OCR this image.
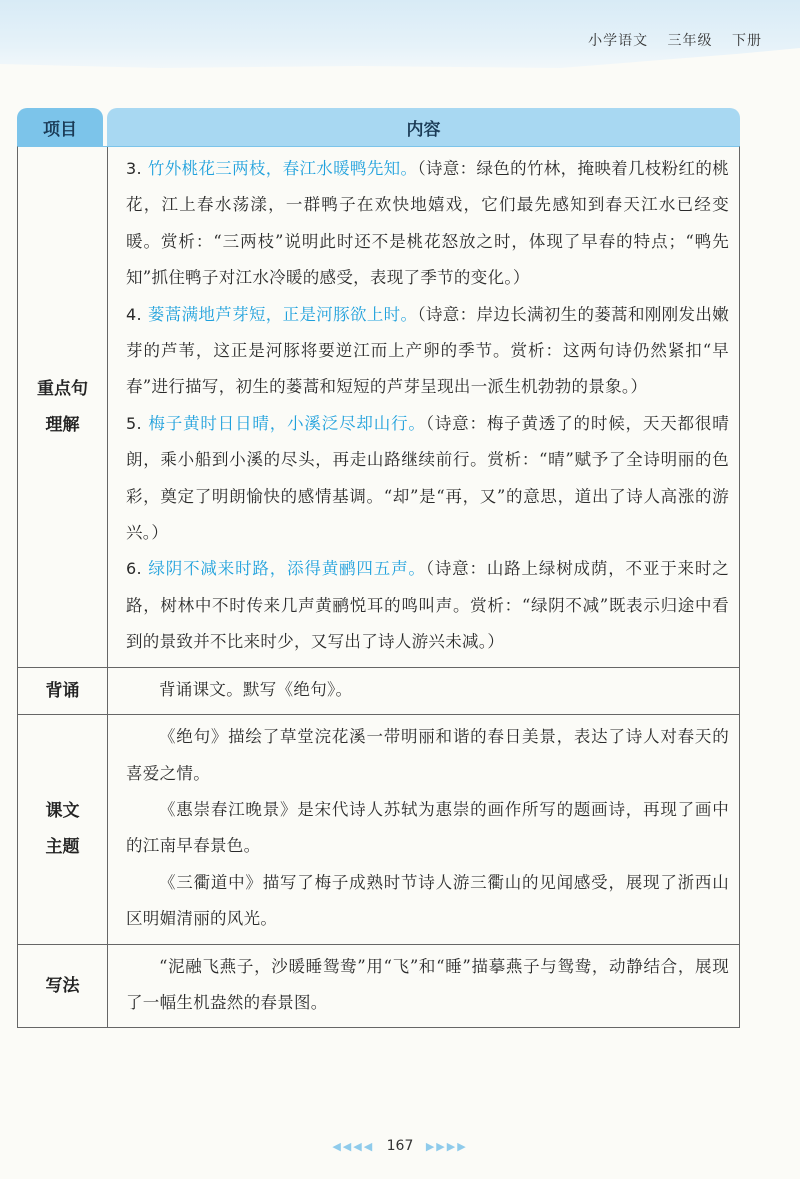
小学语文 三年级 下册
项目	内容
重点句
理解

3. 竹外桃花三两枝，春江水暖鸭先知。（诗意：绿色的竹林，掩映着几枝粉红的桃花，江上春水荡漾，一群鸭子在欢快地嬉戏，它们最先感知到春天江水已经变暖。赏析：“三两枝”说明此时还不是桃花怒放之时，体现了早春的特点；“鸭先知”抓住鸭子对江水冷暖的感受，表现了季节的变化。）

4. 蒌蒿满地芦芽短，正是河豚欲上时。（诗意：岸边长满初生的蒌蒿和刚刚发出嫩芽的芦苇，这正是河豚将要逆江而上产卵的季节。赏析：这两句诗仍然紧扣“早春”进行描写，初生的蒌蒿和短短的芦芽呈现出一派生机勃勃的景象。）

5. 梅子黄时日日晴，小溪泛尽却山行。（诗意：梅子黄透了的时候，天天都很晴朗，乘小船到小溪的尽头，再走山路继续前行。赏析：“晴”赋予了全诗明丽的色彩，奠定了明朗愉快的感情基调。“却”是“再，又”的意思，道出了诗人高涨的游兴。）

6. 绿阴不减来时路，添得黄鹂四五声。（诗意：山路上绿树成荫，不亚于来时之路，树林中不时传来几声黄鹂悦耳的鸣叫声。赏析：“绿阴不减”既表示归途中看到的景致并不比来时少，又写出了诗人游兴未减。）

背诵	背诵课文。默写《绝句》。

课文
主题

《绝句》描绘了草堂浣花溪一带明丽和谐的春日美景，表达了诗人对春天的喜爱之情。

《惠崇春江晚景》是宋代诗人苏轼为惠崇的画作所写的题画诗，再现了画中的江南早春景色。

《三衢道中》描写了梅子成熟时节诗人游三衢山的见闻感受，展现了浙西山区明媚清丽的风光。

写法

“泥融飞燕子，沙暖睡鸳鸯”用“飞”和“睡”描摹燕子与鸳鸯，动静结合，展现了一幅生机盎然的春景图。

◀◀◀◀ 167 ▶▶▶▶
